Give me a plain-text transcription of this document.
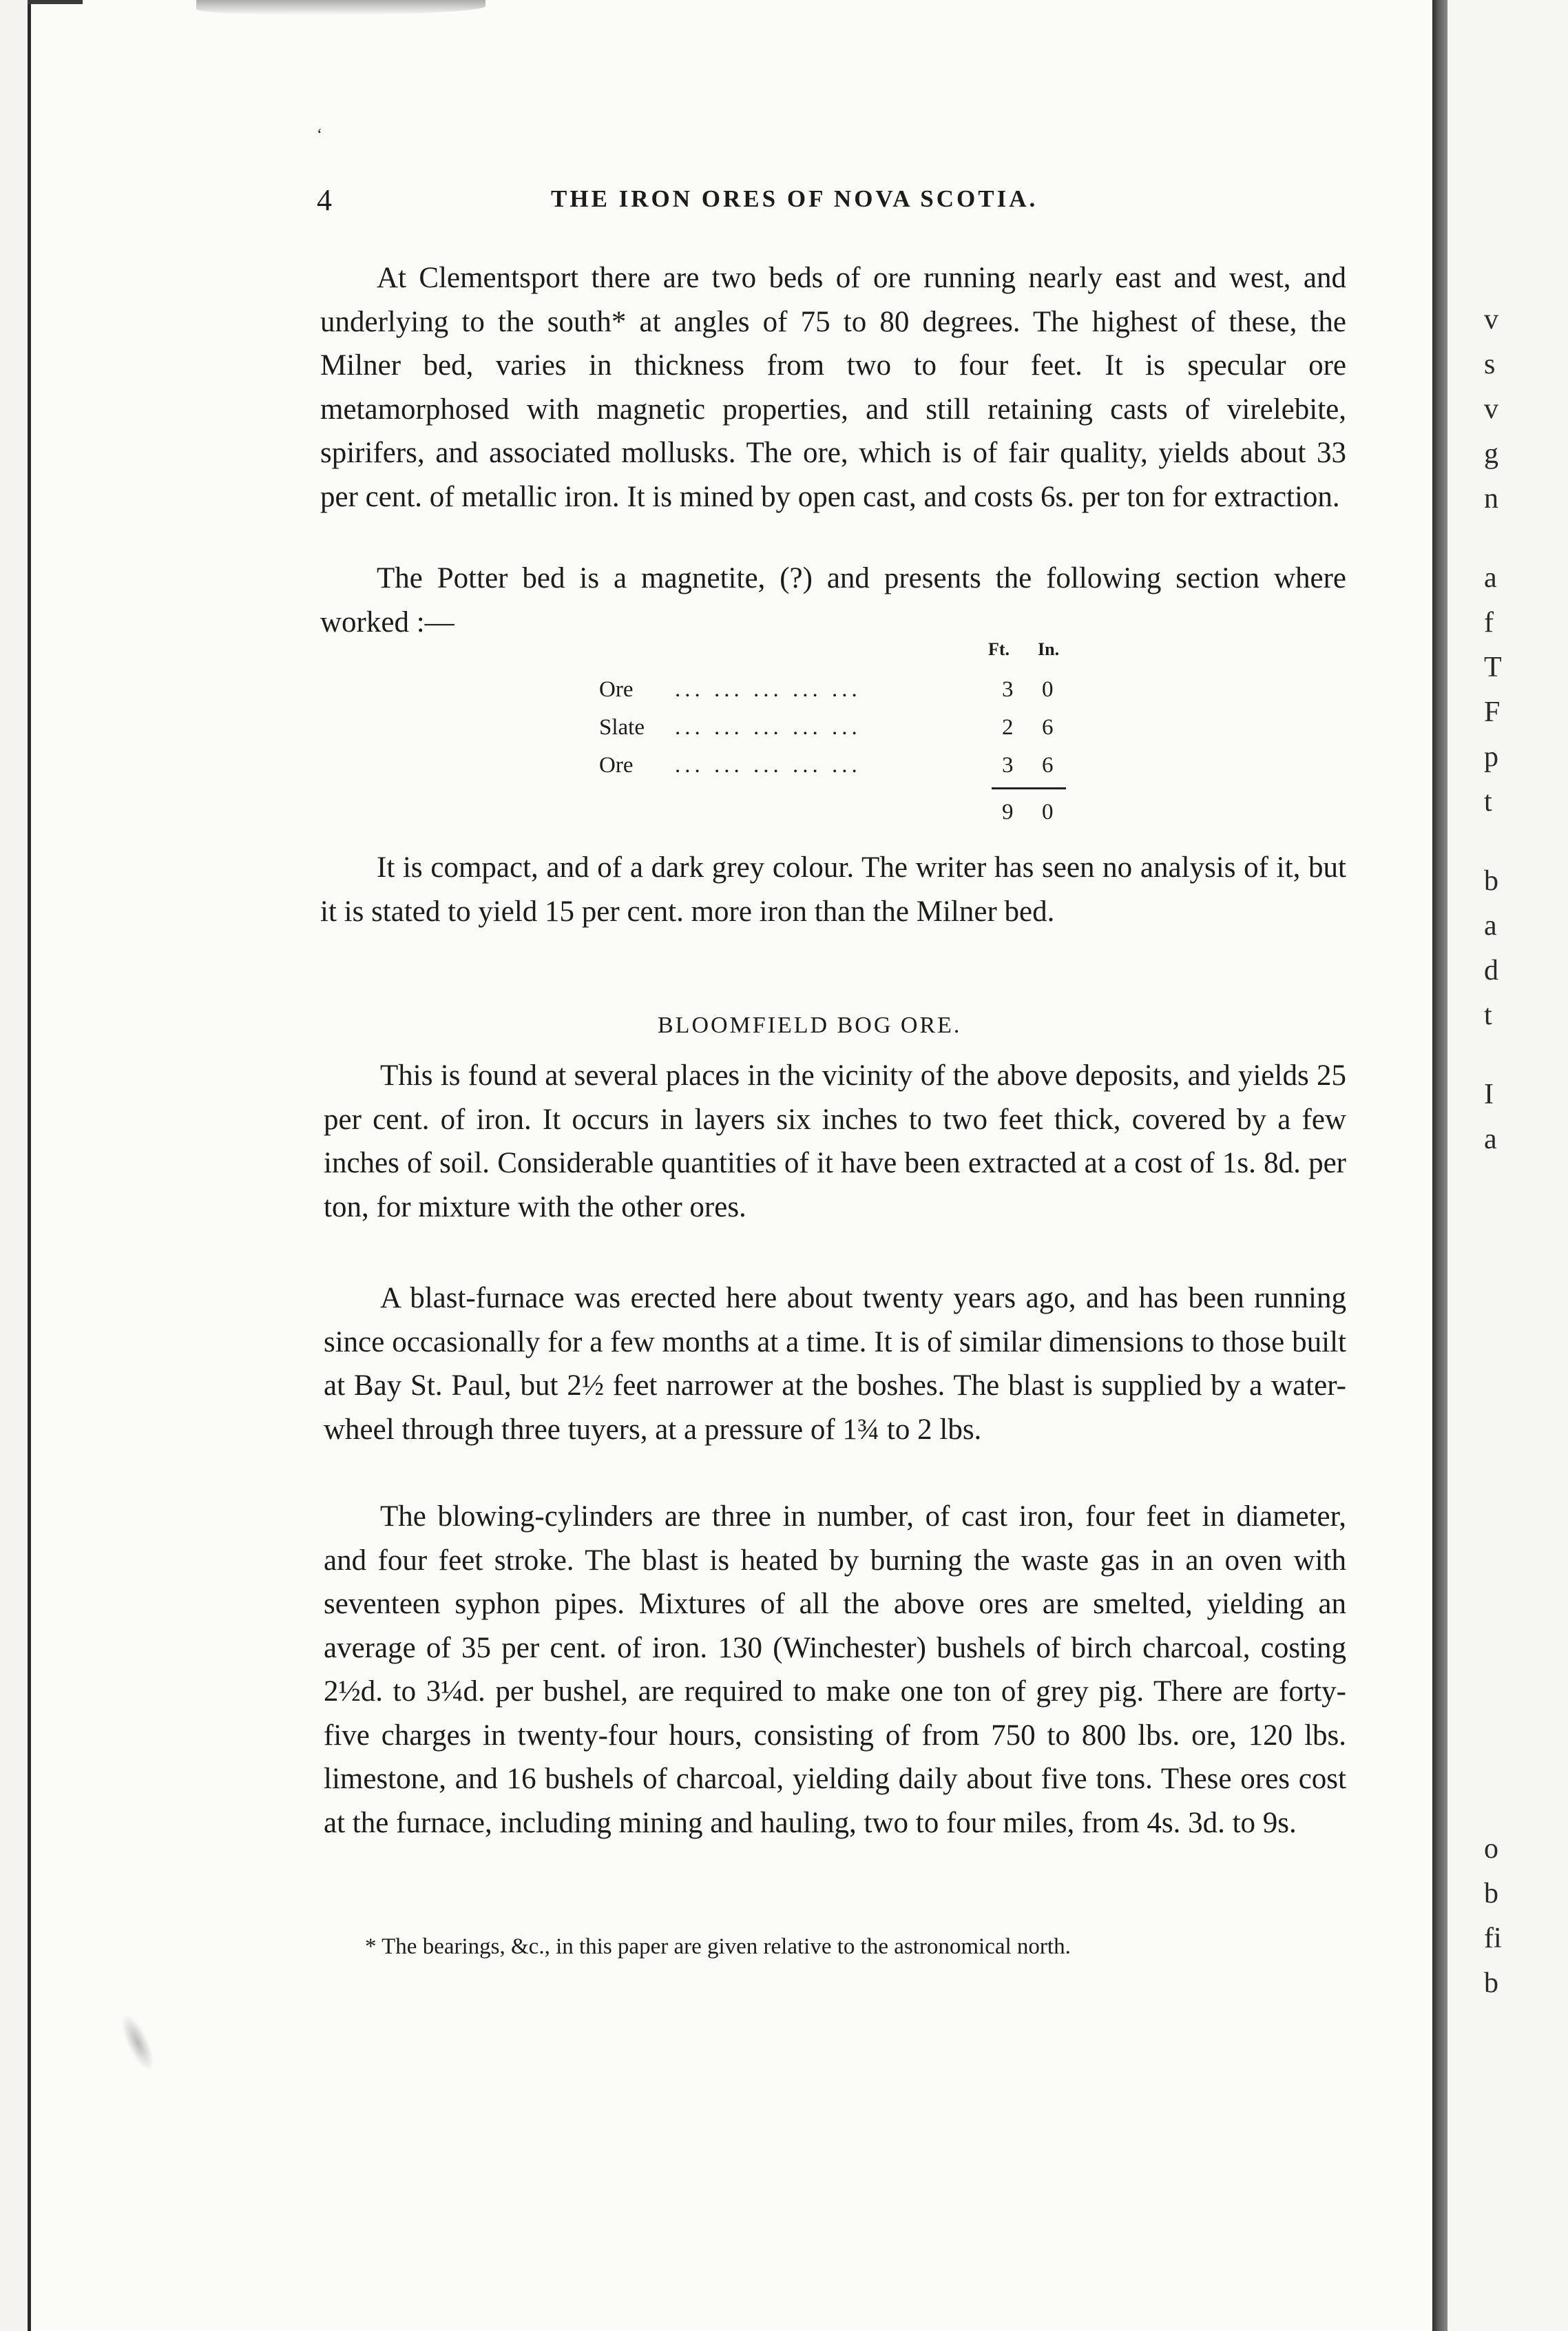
‘
4	THE IRON ORES OF NOVA SCOTIA.

At Clementsport there are two beds of ore running nearly east and west, and underlying to the south* at angles of 75 to 80 degrees. The highest of these, the Milner bed, varies in thickness from two to four feet. It is specular ore metamorphosed with magnetic properties, and still retaining casts of virelebite, spirifers, and associated mollusks. The ore, which is of fair quality, yields about 33 per cent. of metallic iron. It is mined by open cast, and costs 6s. per ton for extraction.

The Potter bed is a magnetite, (?) and presents the following section where worked :—

Ft. In.
Ore ... ... ... ... ...	3 0
Slate ... ... ... ... ...	2 6
Ore ... ... ... ... ...	3 6
9 0

It is compact, and of a dark grey colour. The writer has seen no analysis of it, but it is stated to yield 15 per cent. more iron than the Milner bed.

BLOOMFIELD BOG ORE.

This is found at several places in the vicinity of the above deposits, and yields 25 per cent. of iron. It occurs in layers six inches to two feet thick, covered by a few inches of soil. Considerable quantities of it have been extracted at a cost of 1s. 8d. per ton, for mixture with the other ores.

A blast-furnace was erected here about twenty years ago, and has been running since occasionally for a few months at a time. It is of similar dimensions to those built at Bay St. Paul, but 2½ feet narrower at the boshes. The blast is supplied by a water-wheel through three tuyers, at a pressure of 1¾ to 2 lbs.

The blowing-cylinders are three in number, of cast iron, four feet in diameter, and four feet stroke. The blast is heated by burning the waste gas in an oven with seventeen syphon pipes. Mixtures of all the above ores are smelted, yielding an average of 35 per cent. of iron. 130 (Winchester) bushels of birch charcoal, costing 2½d. to 3¼d. per bushel, are required to make one ton of grey pig. There are forty-five charges in twenty-four hours, consisting of from 750 to 800 lbs. ore, 120 lbs. limestone, and 16 bushels of charcoal, yielding daily about five tons. These ores cost at the furnace, including mining and hauling, two to four miles, from 4s. 3d. to 9s.

* The bearings, &c., in this paper are given relative to the astronomical north.
v
s
v
g
n
a
f
T
F
p
t
b
a
d
t
I
a
o
b
fi
b
